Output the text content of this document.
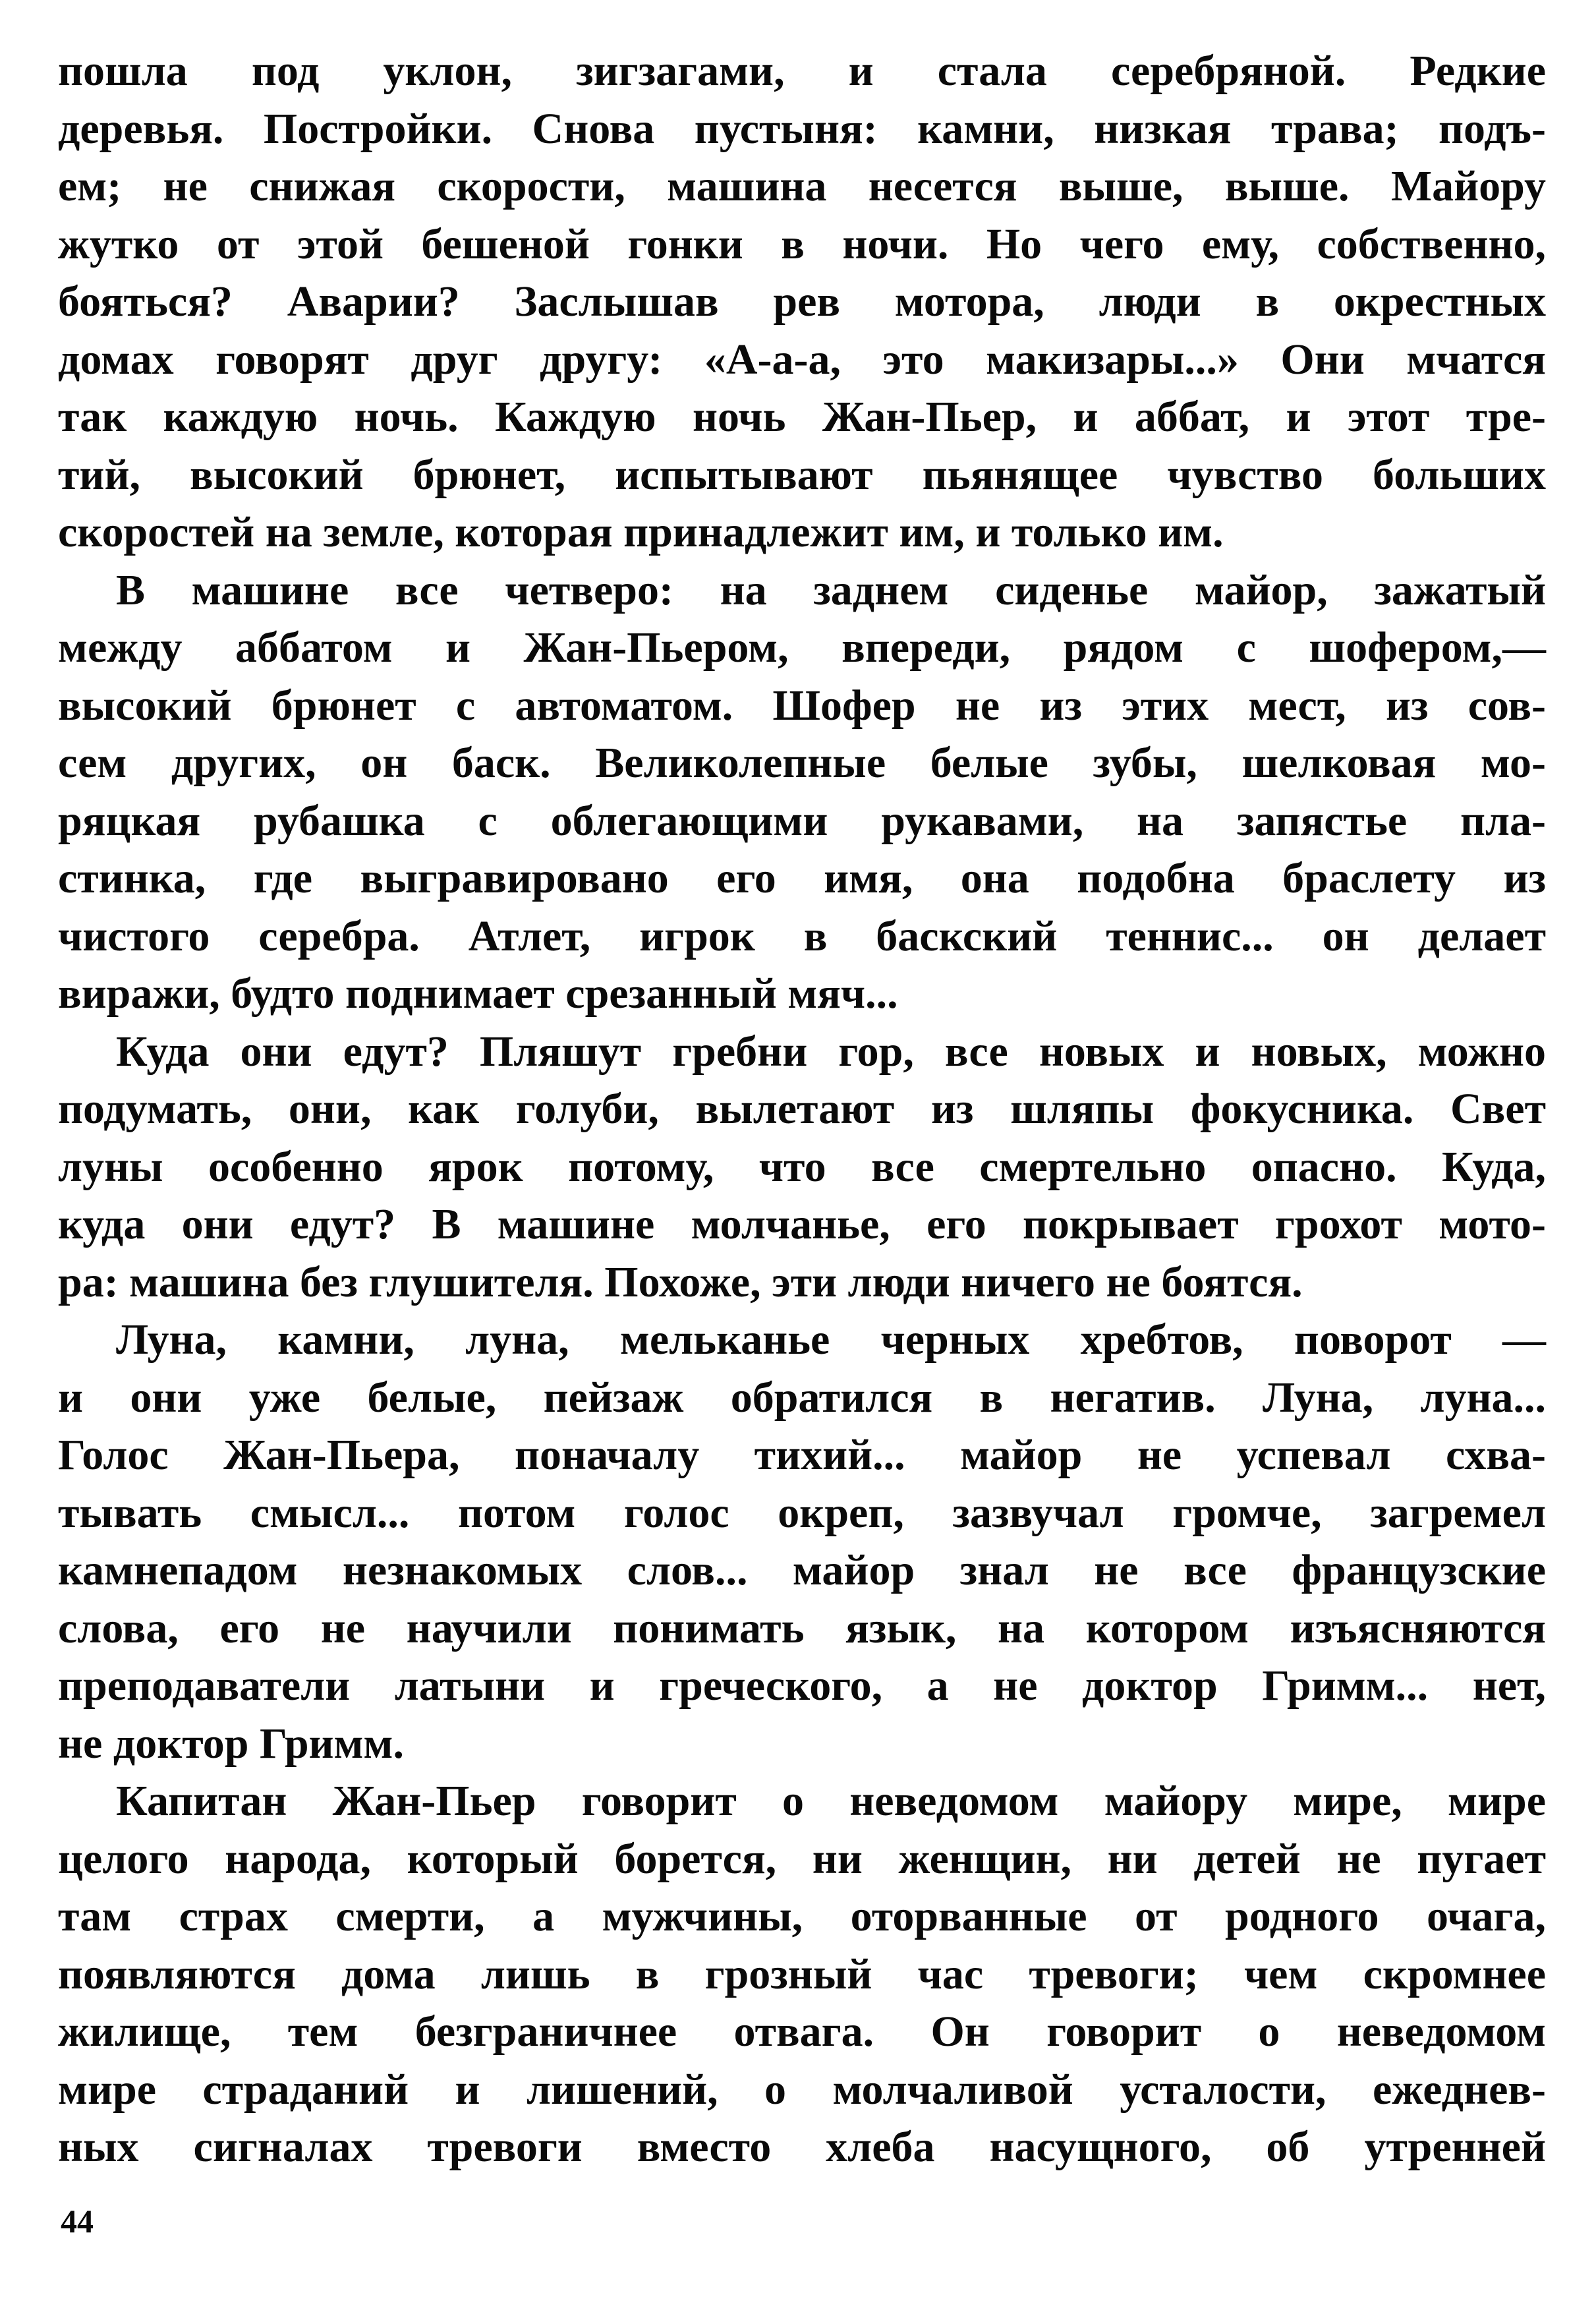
пошла под уклон, зигзагами, и стала серебряной. Редкие
деревья. Постройки. Снова пустыня: камни, низкая трава; подъ-
ем; не снижая скорости, машина несется выше, выше. Майору
жутко от этой бешеной гонки в ночи. Но чего ему, собственно,
бояться? Аварии? Заслышав рев мотора, люди в окрестных
домах говорят друг другу: «А-а-а, это макизары...» Они мчатся
так каждую ночь. Каждую ночь Жан-Пьер, и аббат, и этот тре-
тий, высокий брюнет, испытывают пьянящее чувство больших
скоростей на земле, которая принадлежит им, и только им.
В машине все четверо: на заднем сиденье майор, зажатый
между аббатом и Жан-Пьером, впереди, рядом с шофером,—
высокий брюнет с автоматом. Шофер не из этих мест, из сов-
сем других, он баск. Великолепные белые зубы, шелковая мо-
ряцкая рубашка с облегающими рукавами, на запястье пла-
стинка, где выгравировано его имя, она подобна браслету из
чистого серебра. Атлет, игрок в баскский теннис... он делает
виражи, будто поднимает срезанный мяч...
Куда они едут? Пляшут гребни гор, все новых и новых, можно
подумать, они, как голуби, вылетают из шляпы фокусника. Свет
луны особенно ярок потому, что все смертельно опасно. Куда,
куда они едут? В машине молчанье, его покрывает грохот мото-
ра: машина без глушителя. Похоже, эти люди ничего не боятся.
Луна, камни, луна, мельканье черных хребтов, поворот —
и они уже белые, пейзаж обратился в негатив. Луна, луна...
Голос Жан-Пьера, поначалу тихий... майор не успевал схва-
тывать смысл... потом голос окреп, зазвучал громче, загремел
камнепадом незнакомых слов... майор знал не все французские
слова, его не научили понимать язык, на котором изъясняются
преподаватели латыни и греческого, а не доктор Гримм... нет,
не доктор Гримм.
Капитан Жан-Пьер говорит о неведомом майору мире, мире
целого народа, который борется, ни женщин, ни детей не пугает
там страх смерти, а мужчины, оторванные от родного очага,
появляются дома лишь в грозный час тревоги; чем скромнее
жилище, тем безграничнее отвага. Он говорит о неведомом
мире страданий и лишений, о молчаливой усталости, ежеднев-
ных сигналах тревоги вместо хлеба насущного, об утренней
44
